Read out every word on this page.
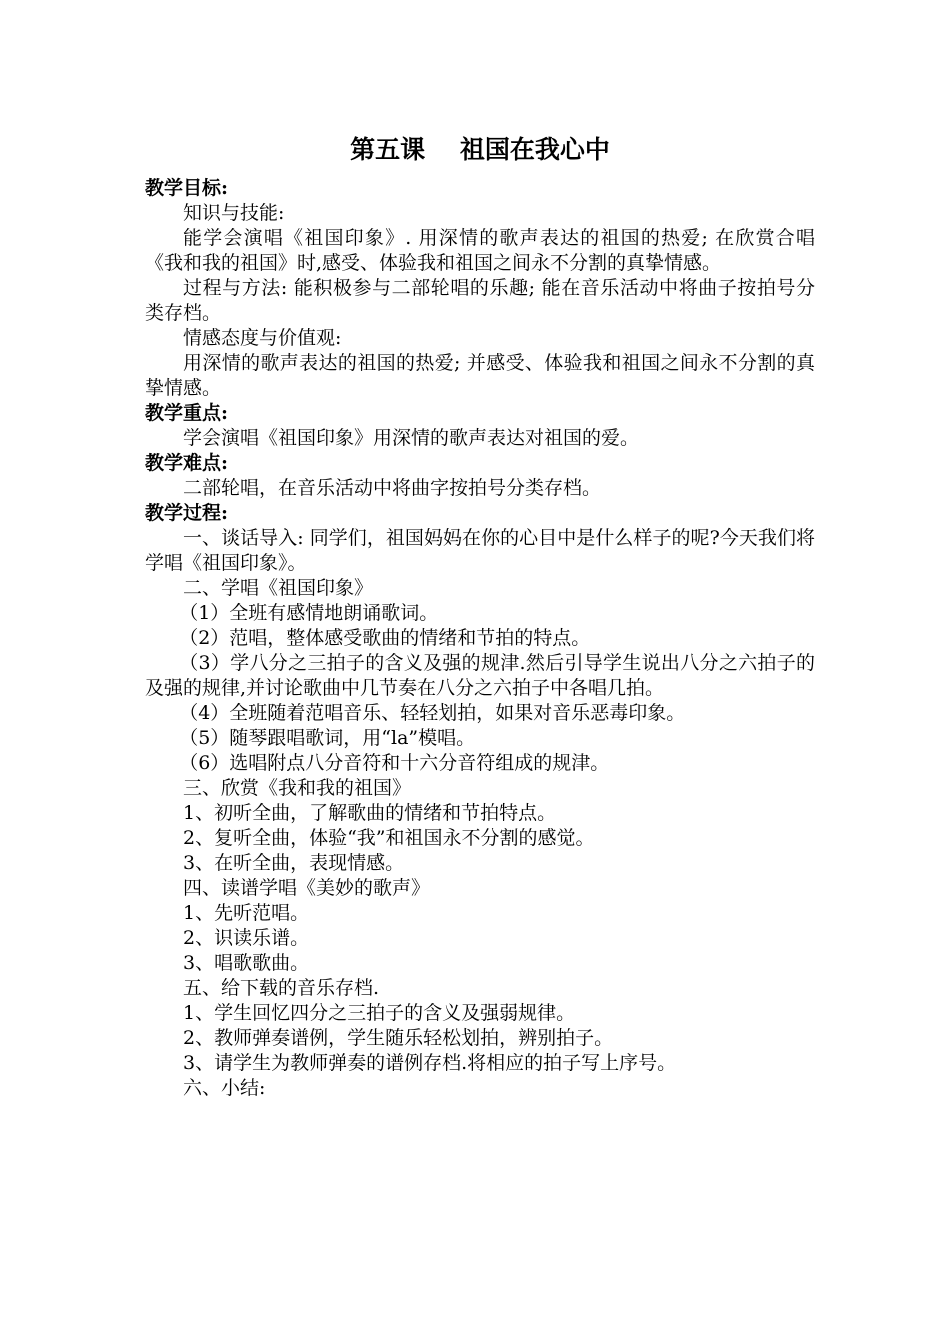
第五课    祖国在我心中
教学目标:

知识与技能:

能学会演唱《祖国印象》. 用深情的歌声表达的祖国的热爱; 在欣赏合唱《我和我的祖国》时,感受、体验我和祖国之间永不分割的真挚情感。

过程与方法: 能积极参与二部轮唱的乐趣; 能在音乐活动中将曲子按拍号分类存档。

情感态度与价值观:

用深情的歌声表达的祖国的热爱; 并感受、体验我和祖国之间永不分割的真挚情感。

教学重点:

学会演唱《祖国印象》用深情的歌声表达对祖国的爱。

教学难点:

二部轮唱，在音乐活动中将曲字按拍号分类存档。

教学过程:

一、谈话导入: 同学们，祖国妈妈在你的心目中是什么样子的呢?今天我们将学唱《祖国印象》。

二、学唱《祖国印象》

（1）全班有感情地朗诵歌词。

（2）范唱，整体感受歌曲的情绪和节拍的特点。

（3）学八分之三拍子的含义及强的规津.然后引导学生说出八分之六拍子的及强的规律,并讨论歌曲中几节奏在八分之六拍子中各唱几拍。

（4）全班随着范唱音乐、轻轻划拍，如果对音乐恶毒印象。

（5）随琴跟唱歌词，用“la”模唱。

（6）选唱附点八分音符和十六分音符组成的规津。

三、欣赏《我和我的祖国》

1、初听全曲，了解歌曲的情绪和节拍特点。

2、复听全曲，体验“我”和祖国永不分割的感觉。

3、在听全曲，表现情感。

四、读谱学唱《美妙的歌声》

1、先听范唱。

2、识读乐谱。

3、唱歌歌曲。

五、给下载的音乐存档.

1、学生回忆四分之三拍子的含义及强弱规律。

2、教师弹奏谱例，学生随乐轻松划拍，辨别拍子。

3、请学生为教师弹奏的谱例存档.将相应的拍子写上序号。

六、小结:
